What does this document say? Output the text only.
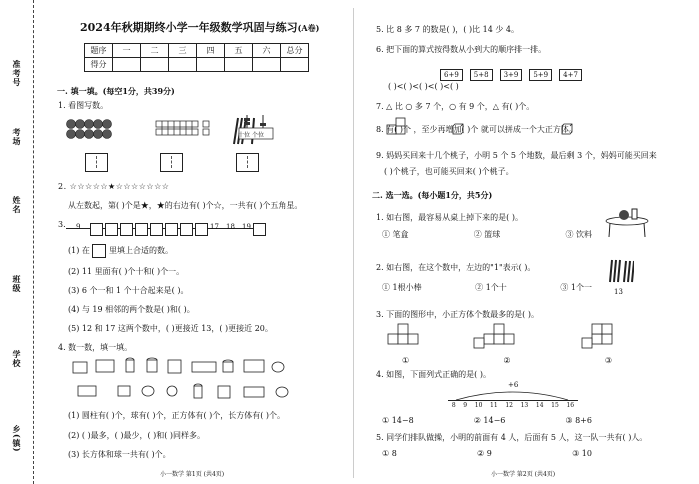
准考号
考场
姓名
班级
学校
乡(镇)
2024年秋期期终小学一年级数学巩固与练习(A卷)
题序	一	二	三	四	五	六	总分
得分							
一. 填一填。(每空1分，共39分)
1. 看图写数。
十位 个位
2. ☆☆☆☆☆★☆☆☆☆☆☆☆
从左数起，第( )个是★，★的右边有( )个☆，一共有( )个五角星。
3. 9	17 18 19
(1) 在 里填上合适的数。
(2) 11 里面有( )个十和( )个一。
(3) 6 个一和 1 个十合起来是( )。
(4) 与 19 相邻的两个数是( )和( )。
(5) 12 和 17 这两个数中，( )更接近 13，( )更接近 20。
4. 数一数，填一填。
(1) 圆柱有( )个，球有( )个，正方体有( )个，长方体有( )个。
(2) ( )最多，( )最少，( )和( )同样多。
(3) 长方体和球一共有( )个。
小一数学 第1页 (共4页)
5. 比 8 多 7 的数是( )，( )比 14 少 4。
6. 把下面的算式按得数从小到大的顺序排一排。
6+9 5+8 3+9 5+9 4+7
( )<( )<( )<( )<( )
7. △ 比 ○ 多 7 个，○ 有 9 个，△ 有( )个。
8. 有( )个 ，至少再增加( )个 就可以拼成一个大正方体。
9. 妈妈买回来十几个桃子，小明 5 个 5 个地数，最后剩 3 个，妈妈可能买回来
( )个桃子，也可能买回来( )个桃子。
二. 选一选。(每小题1分，共5分)
1. 如右图，最容易从桌上掉下来的是( )。
① 笔盒	② 篮球	③ 饮料
2. 如右图，在这个数中，左边的"1"表示( )。
① 1根小棒	② 1个十	③ 1个一	13
3. 下面的图形中，小正方体个数最多的是( )。
①	②	③
4. 如图，下面列式正确的是( )。
+6
8 9 10 11 12 13 14 15 16
① 14−8	② 14−6	③ 8+6
5. 同学们排队做操，小明的前面有 4 人，后面有 5 人，这一队一共有( )人。
① 8	② 9	③ 10
小一数学 第2页 (共4页)
